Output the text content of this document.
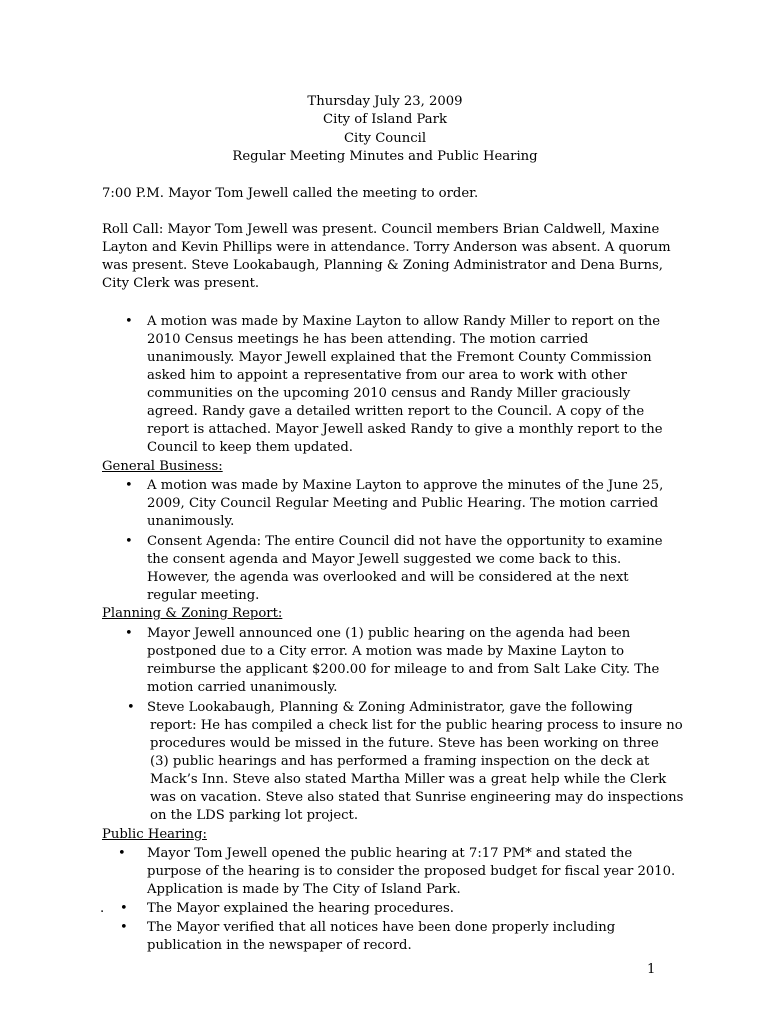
Thursday July 23, 2009
City of Island Park
City Council
Regular Meeting Minutes and Public Hearing
7:00 P.M. Mayor Tom Jewell called the meeting to order.
Roll Call: Mayor Tom Jewell was present. Council members Brian Caldwell, Maxine
Layton and Kevin Phillips were in attendance. Torry Anderson was absent. A quorum
was present. Steve Lookabaugh, Planning & Zoning Administrator and Dena Burns,
City Clerk was present.
• A motion was made by Maxine Layton to allow Randy Miller to report on the
2010 Census meetings he has been attending. The motion carried
unanimously. Mayor Jewell explained that the Fremont County Commission
asked him to appoint a representative from our area to work with other
communities on the upcoming 2010 census and Randy Miller graciously
agreed. Randy gave a detailed written report to the Council. A copy of the
report is attached. Mayor Jewell asked Randy to give a monthly report to the
Council to keep them updated.
General Business:
• A motion was made by Maxine Layton to approve the minutes of the June 25,
2009, City Council Regular Meeting and Public Hearing. The motion carried
unanimously.
• Consent Agenda: The entire Council did not have the opportunity to examine
the consent agenda and Mayor Jewell suggested we come back to this.
However, the agenda was overlooked and will be considered at the next
regular meeting.
Planning & Zoning Report:
• Mayor Jewell announced one (1) public hearing on the agenda had been
postponed due to a City error. A motion was made by Maxine Layton to
reimburse the applicant $200.00 for mileage to and from Salt Lake City. The
motion carried unanimously.
• Steve Lookabaugh, Planning & Zoning Administrator, gave the following
report: He has compiled a check list for the public hearing process to insure no
procedures would be missed in the future. Steve has been working on three
(3) public hearings and has performed a framing inspection on the deck at
Mack’s Inn. Steve also stated Martha Miller was a great help while the Clerk
was on vacation. Steve also stated that Sunrise engineering may do inspections
on the LDS parking lot project.
Public Hearing:
• Mayor Tom Jewell opened the public hearing at 7:17 PM* and stated the
purpose of the hearing is to consider the proposed budget for fiscal year 2010.
Application is made by The City of Island Park.
. • The Mayor explained the hearing procedures.
• The Mayor verified that all notices have been done properly including
publication in the newspaper of record.
1
